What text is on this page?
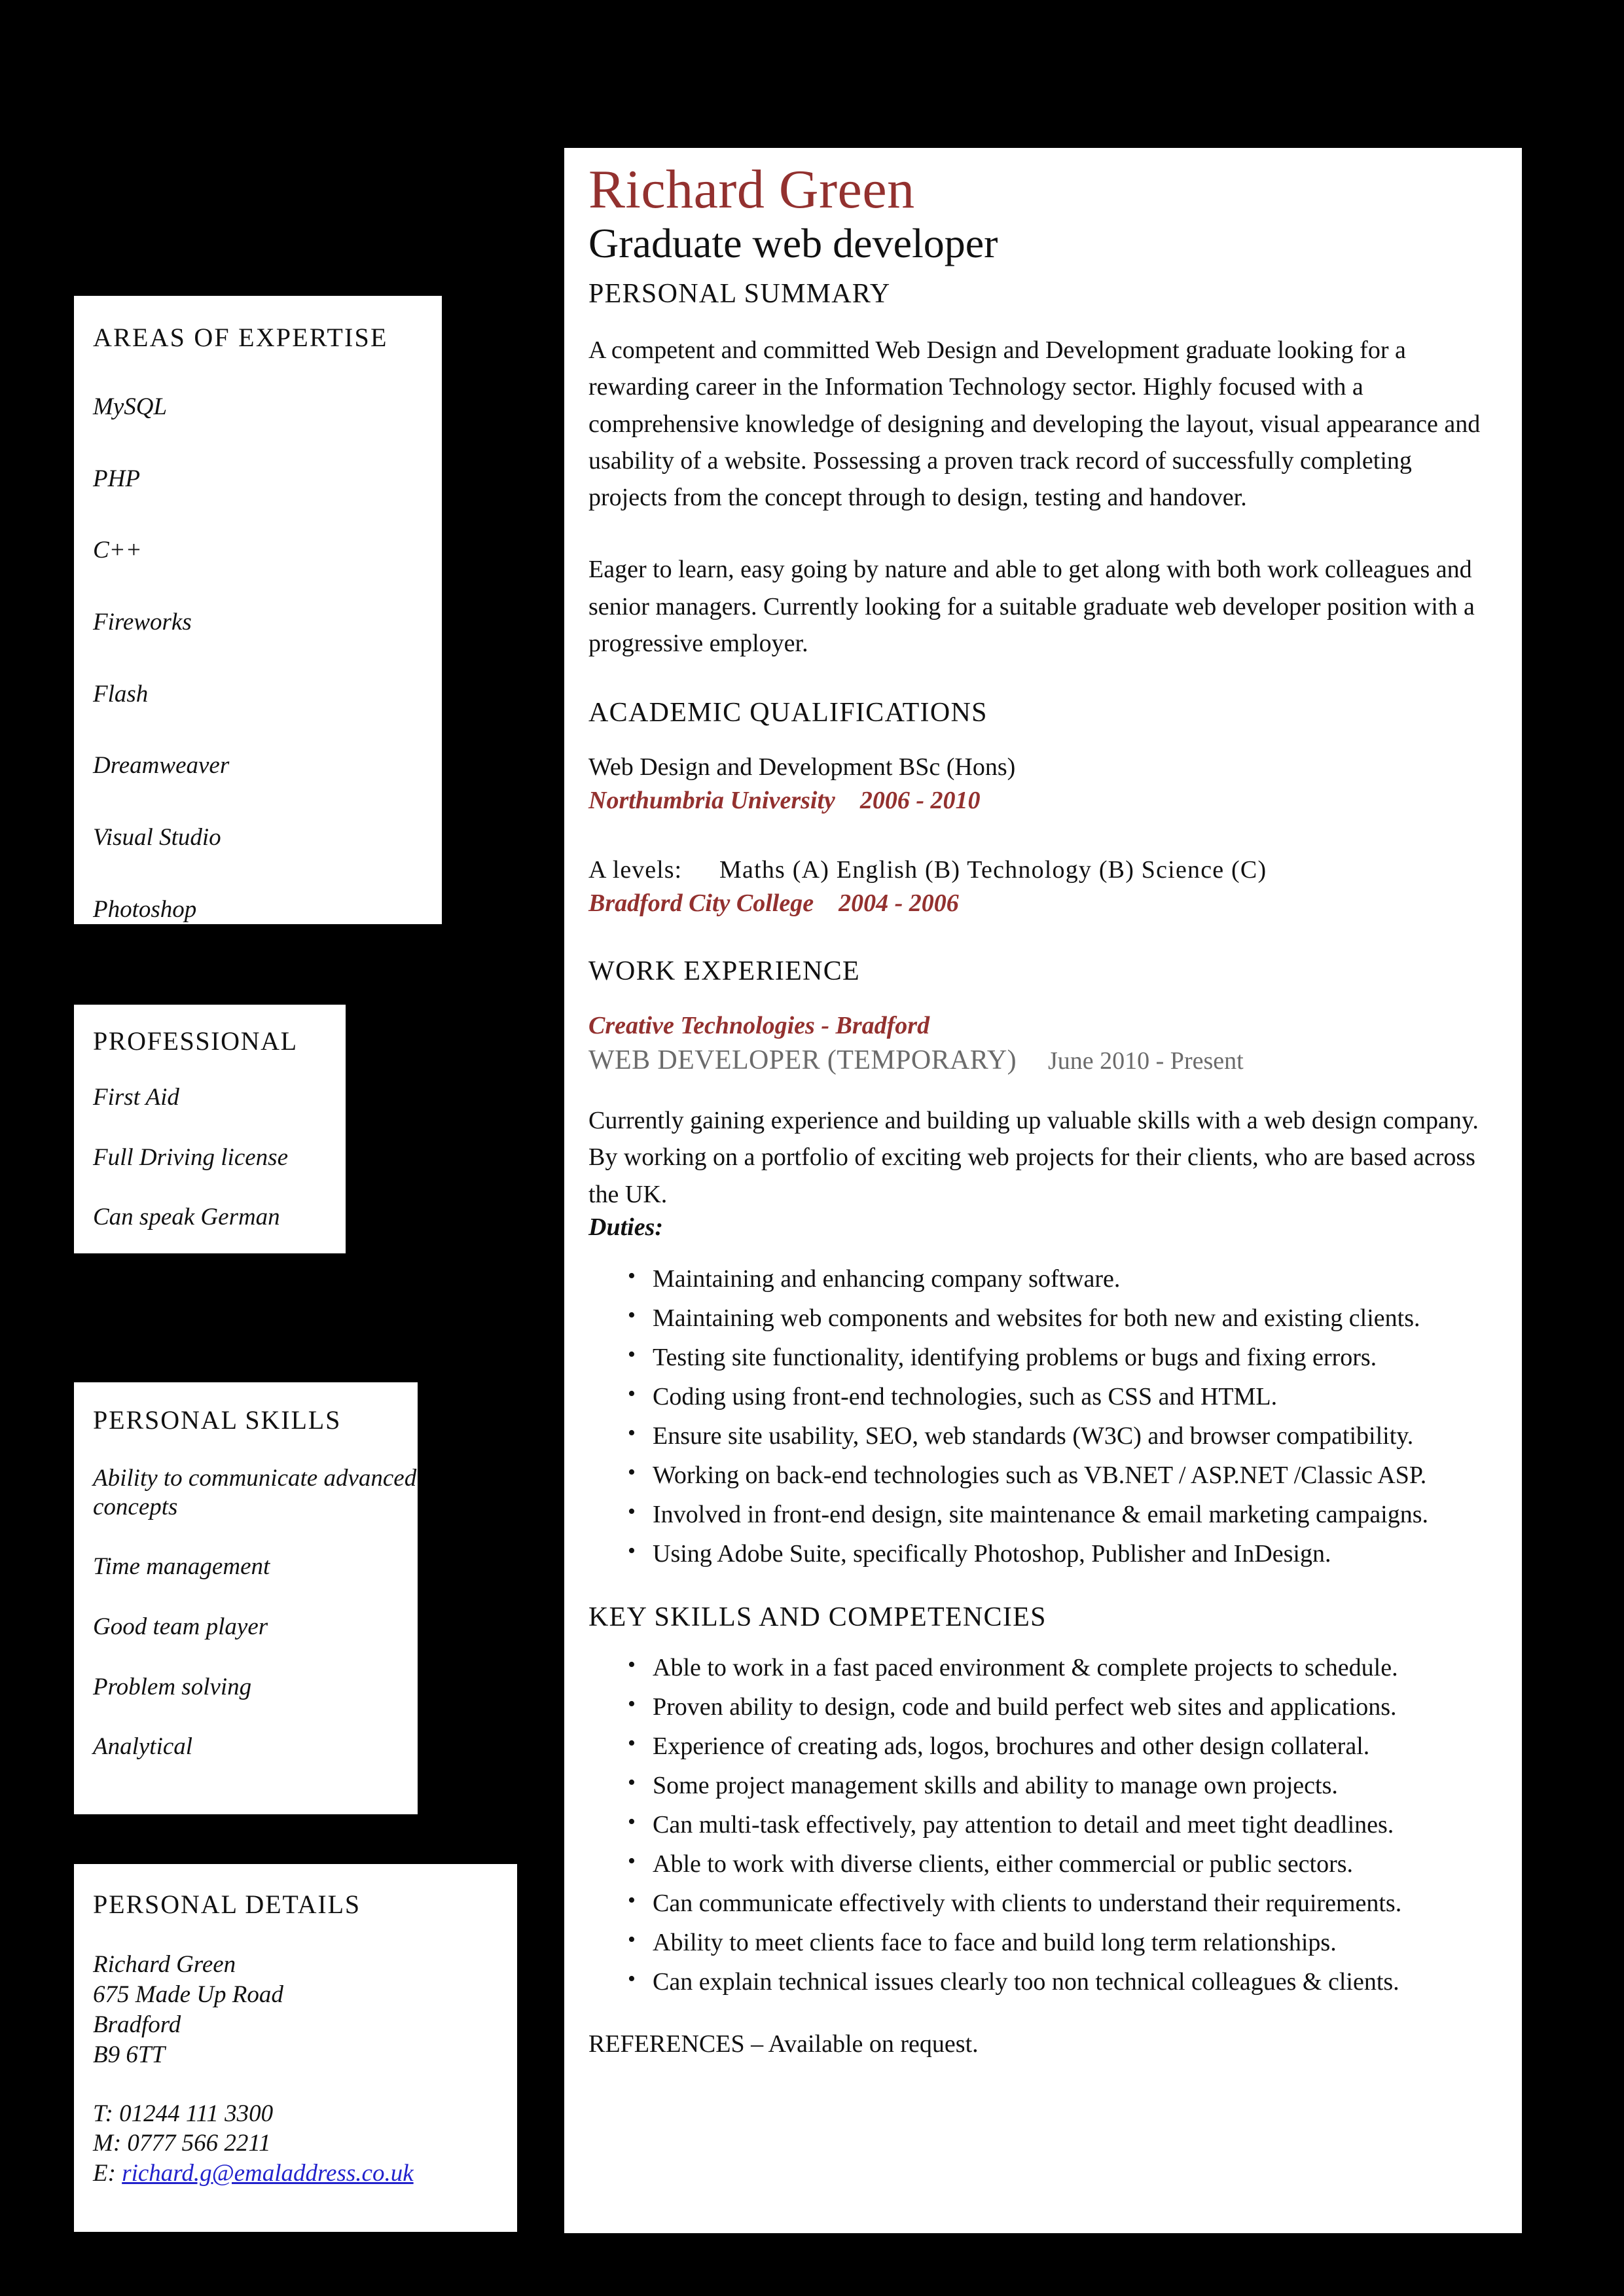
AREAS OF EXPERTISE
MySQL
PHP
C++
Fireworks
Flash
Dreamweaver
Visual Studio
Photoshop
PROFESSIONAL
First Aid
Full Driving license
Can speak German
PERSONAL SKILLS
Ability to communicate advanced concepts
Time management
Good team player
Problem solving
Analytical
PERSONAL DETAILS
Richard Green
675 Made Up Road
Bradford
B9 6TT
T: 01244 111 3300
M: 0777 566 2211
E: richard.g@emaladdress.co.uk
Richard Green
Graduate web developer
PERSONAL SUMMARY

A competent and committed Web Design and Development graduate looking for a rewarding career in the Information Technology sector. Highly focused with a comprehensive knowledge of designing and developing the layout, visual appearance and usability of a website. Possessing a proven track record of successfully completing projects from the concept through to design, testing and handover.

Eager to learn, easy going by nature and able to get along with both work colleagues and senior managers. Currently looking for a suitable graduate web developer position with a progressive employer.

ACADEMIC QUALIFICATIONS

Web Design and Development BSc (Hons)

Northumbria University 2006 - 2010

A levels: Maths (A) English (B) Technology (B) Science (C)

Bradford City College 2004 - 2006

WORK EXPERIENCE

Creative Technologies - Bradford

WEB DEVELOPER (TEMPORARY) June 2010 - Present

Currently gaining experience and building up valuable skills with a web design company. By working on a portfolio of exciting web projects for their clients, who are based across the UK.

Duties:

• Maintaining and enhancing company software.
• Maintaining web components and websites for both new and existing clients.
• Testing site functionality, identifying problems or bugs and fixing errors.
• Coding using front-end technologies, such as CSS and HTML.
• Ensure site usability, SEO, web standards (W3C) and browser compatibility.
• Working on back-end technologies such as VB.NET / ASP.NET /Classic ASP.
• Involved in front-end design, site maintenance & email marketing campaigns.
• Using Adobe Suite, specifically Photoshop, Publisher and InDesign.
KEY SKILLS AND COMPETENCIES
• Able to work in a fast paced environment & complete projects to schedule.
• Proven ability to design, code and build perfect web sites and applications.
• Experience of creating ads, logos, brochures and other design collateral.
• Some project management skills and ability to manage own projects.
• Can multi-task effectively, pay attention to detail and meet tight deadlines.
• Able to work with diverse clients, either commercial or public sectors.
• Can communicate effectively with clients to understand their requirements.
• Ability to meet clients face to face and build long term relationships.
• Can explain technical issues clearly too non technical colleagues & clients.

REFERENCES – Available on request.
